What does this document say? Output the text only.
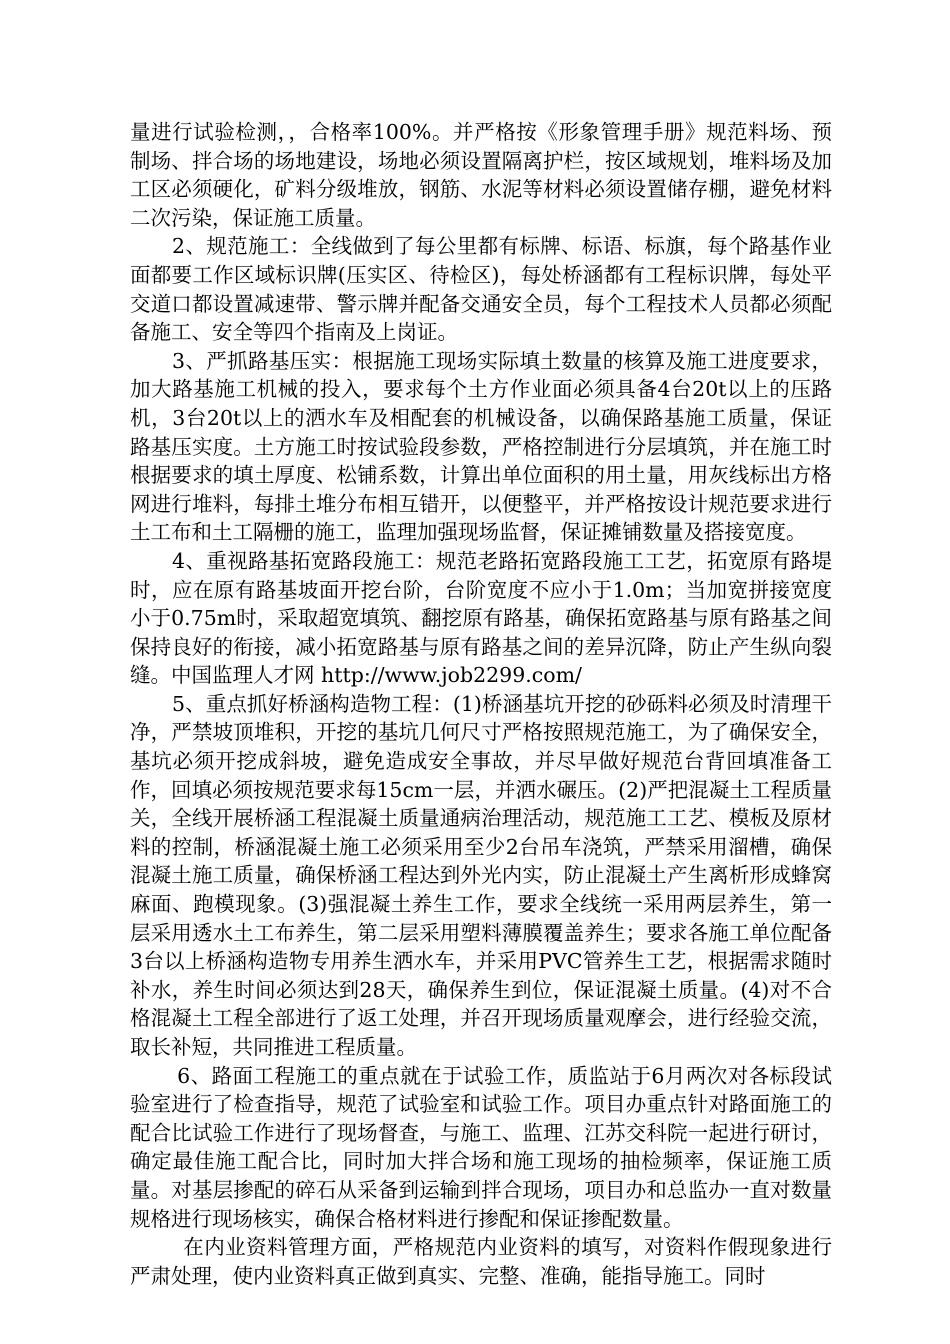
量进行试验检测，，合格率100%。并严格按《形象管理手册》规范料场、预制场、拌合场的场地建设，场地必须设置隔离护栏，按区域规划，堆料场及加工区必须硬化，矿料分级堆放，钢筋、水泥等材料必须设置储存棚，避免材料二次污染，保证施工质量。

2、规范施工：全线做到了每公里都有标牌、标语、标旗，每个路基作业面都要工作区域标识牌(压实区、待检区)，每处桥涵都有工程标识牌，每处平交道口都设置减速带、警示牌并配备交通安全员，每个工程技术人员都必须配备施工、安全等四个指南及上岗证。

3、严抓路基压实：根据施工现场实际填土数量的核算及施工进度要求，加大路基施工机械的投入，要求每个土方作业面必须具备4台20t以上的压路机，3台20t以上的洒水车及相配套的机械设备，以确保路基施工质量，保证路基压实度。土方施工时按试验段参数，严格控制进行分层填筑，并在施工时根据要求的填土厚度、松铺系数，计算出单位面积的用土量，用灰线标出方格网进行堆料，每排土堆分布相互错开，以便整平，并严格按设计规范要求进行土工布和土工隔栅的施工，监理加强现场监督，保证摊铺数量及搭接宽度。

4、重视路基拓宽路段施工：规范老路拓宽路段施工工艺，拓宽原有路堤时，应在原有路基坡面开挖台阶，台阶宽度不应小于1.0m；当加宽拼接宽度小于0.75m时，采取超宽填筑、翻挖原有路基，确保拓宽路基与原有路基之间保持良好的衔接，减小拓宽路基与原有路基之间的差异沉降，防止产生纵向裂缝。中国监理人才网 http://www.job2299.com/

5、重点抓好桥涵构造物工程：(1)桥涵基坑开挖的砂砾料必须及时清理干净，严禁坡顶堆积，开挖的基坑几何尺寸严格按照规范施工，为了确保安全，基坑必须开挖成斜坡，避免造成安全事故，并尽早做好规范台背回填准备工作，回填必须按规范要求每15cm一层，并洒水碾压。(2)严把混凝土工程质量关，全线开展桥涵工程混凝土质量通病治理活动，规范施工工艺、模板及原材料的控制，桥涵混凝土施工必须采用至少2台吊车浇筑，严禁采用溜槽，确保混凝土施工质量，确保桥涵工程达到外光内实，防止混凝土产生离析形成蜂窝麻面、跑模现象。(3)强混凝土养生工作，要求全线统一采用两层养生，第一层采用透水土工布养生，第二层采用塑料薄膜覆盖养生；要求各施工单位配备3台以上桥涵构造物专用养生洒水车，并采用PVC管养生工艺，根据需求随时补水，养生时间必须达到28天，确保养生到位，保证混凝土质量。(4)对不合格混凝土工程全部进行了返工处理，并召开现场质量观摩会，进行经验交流，取长补短，共同推进工程质量。

6、路面工程施工的重点就在于试验工作，质监站于6月两次对各标段试验室进行了检查指导，规范了试验室和试验工作。项目办重点针对路面施工的配合比试验工作进行了现场督查，与施工、监理、江苏交科院一起进行研讨，确定最佳施工配合比，同时加大拌合场和施工现场的抽检频率，保证施工质量。对基层掺配的碎石从采备到运输到拌合现场，项目办和总监办一直对数量规格进行现场核实，确保合格材料进行掺配和保证掺配数量。

在内业资料管理方面，严格规范内业资料的填写，对资料作假现象进行严肃处理，使内业资料真正做到真实、完整、准确，能指导施工。同时
